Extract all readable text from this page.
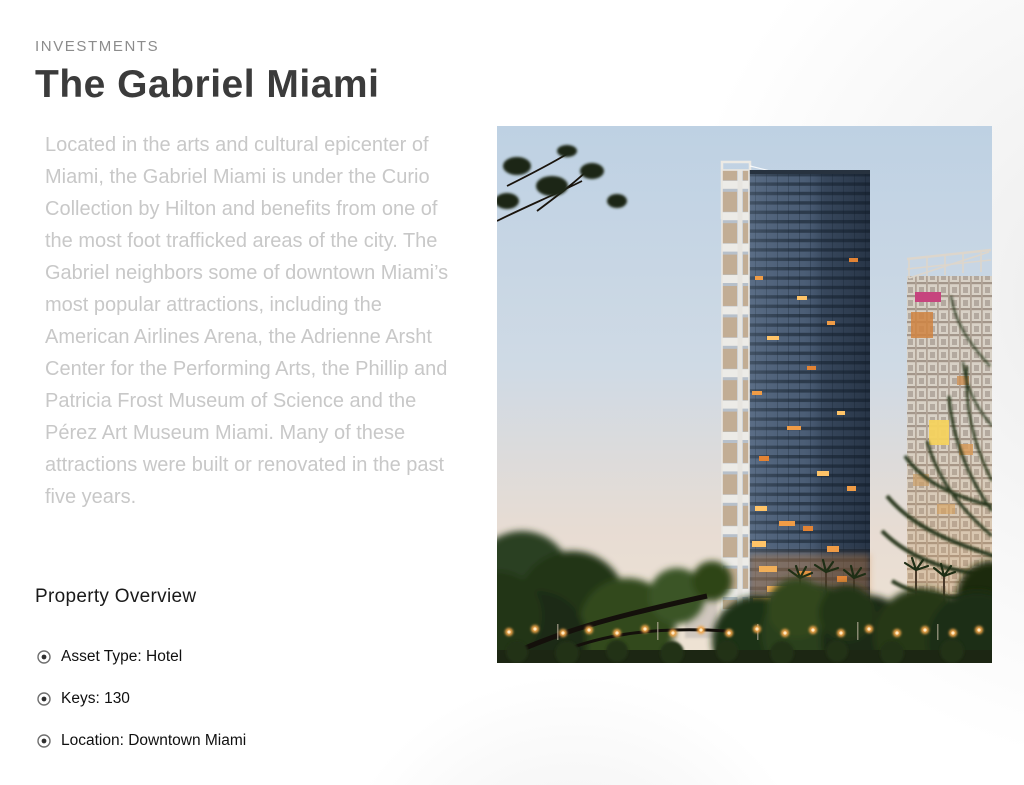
INVESTMENTS
The Gabriel Miami

Located in the arts and cultural epicenter of Miami, the Gabriel Miami is under the Curio Collection by Hilton and benefits from one of the most foot trafficked areas of the city. The Gabriel neighbors some of downtown Miami’s most popular attractions, including the American Airlines Arena, the Adrienne Arsht Center for the Performing Arts, the Phillip and Patricia Frost Museum of Science and the Pérez Art Museum Miami. Many of these attractions were built or renovated in the past five years.

Property Overview
Asset Type: Hotel
Keys: 130
Location: Downtown Miami
